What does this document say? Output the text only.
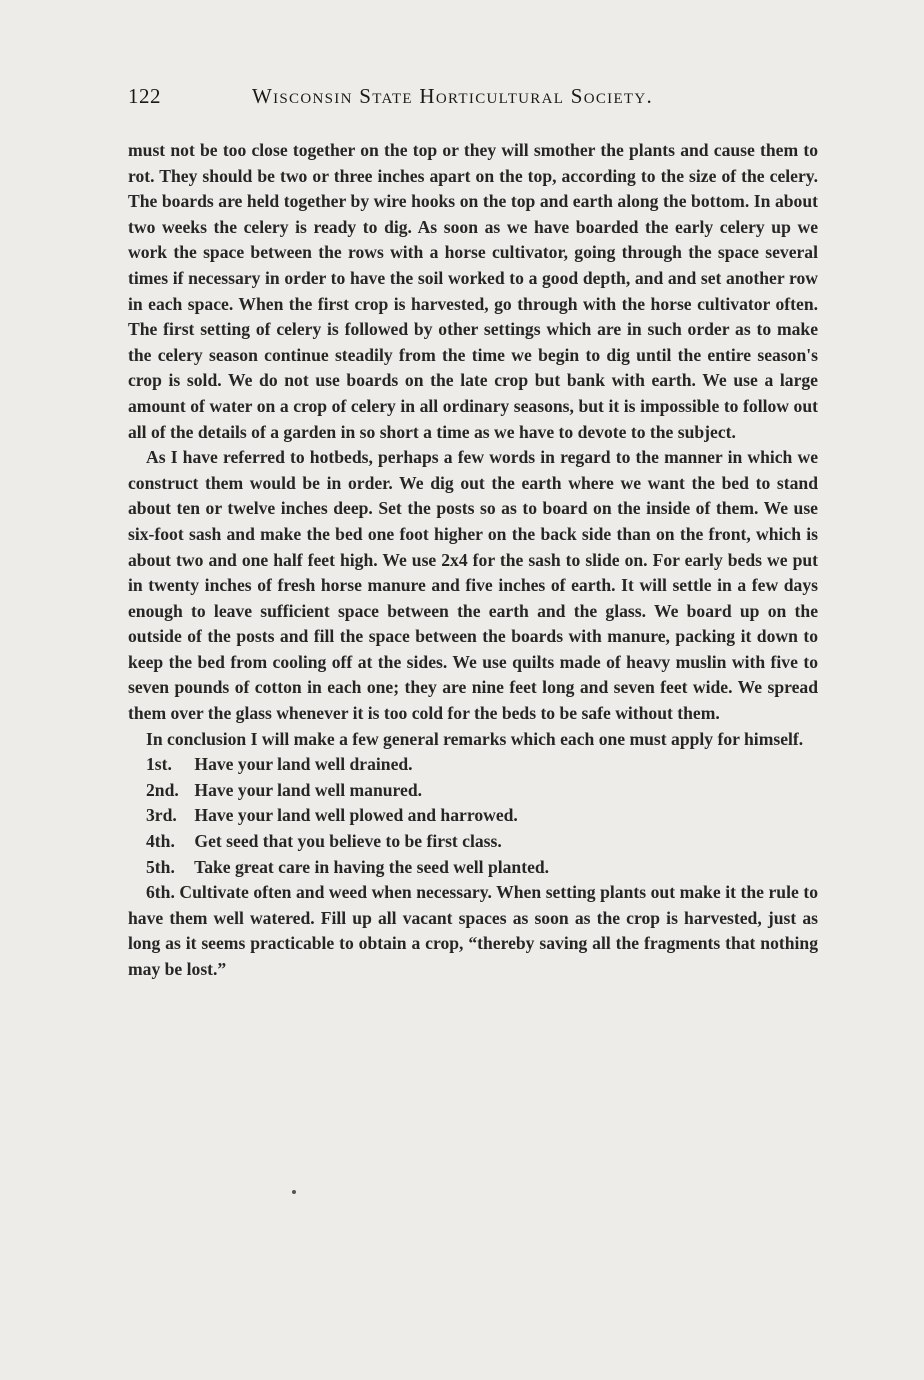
122	Wisconsin State Horticultural Society.

must not be too close together on the top or they will smother the plants and cause them to rot. They should be two or three inches apart on the top, according to the size of the celery. The boards are held together by wire hooks on the top and earth along the bottom. In about two weeks the celery is ready to dig. As soon as we have boarded the early celery up we work the space between the rows with a horse cultivator, going through the space several times if necessary in order to have the soil worked to a good depth, and and set another row in each space. When the first crop is harvested, go through with the horse cultivator often. The first setting of celery is followed by other settings which are in such order as to make the celery season continue steadily from the time we begin to dig until the entire season's crop is sold. We do not use boards on the late crop but bank with earth. We use a large amount of water on a crop of celery in all ordinary seasons, but it is impossible to follow out all of the details of a garden in so short a time as we have to devote to the subject.

As I have referred to hotbeds, perhaps a few words in regard to the manner in which we construct them would be in order. We dig out the earth where we want the bed to stand about ten or twelve inches deep. Set the posts so as to board on the inside of them. We use six-foot sash and make the bed one foot higher on the back side than on the front, which is about two and one half feet high. We use 2x4 for the sash to slide on. For early beds we put in twenty inches of fresh horse manure and five inches of earth. It will settle in a few days enough to leave sufficient space between the earth and the glass. We board up on the outside of the posts and fill the space between the boards with manure, packing it down to keep the bed from cooling off at the sides. We use quilts made of heavy muslin with five to seven pounds of cotton in each one; they are nine feet long and seven feet wide. We spread them over the glass whenever it is too cold for the beds to be safe without them.

In conclusion I will make a few general remarks which each one must apply for himself.

1st. Have your land well drained.

2nd. Have your land well manured.

3rd. Have your land well plowed and harrowed.

4th. Get seed that you believe to be first class.

5th. Take great care in having the seed well planted.

6th. Cultivate often and weed when necessary. When setting plants out make it the rule to have them well watered. Fill up all vacant spaces as soon as the crop is harvested, just as long as it seems practicable to obtain a crop, “thereby saving all the fragments that nothing may be lost.”
